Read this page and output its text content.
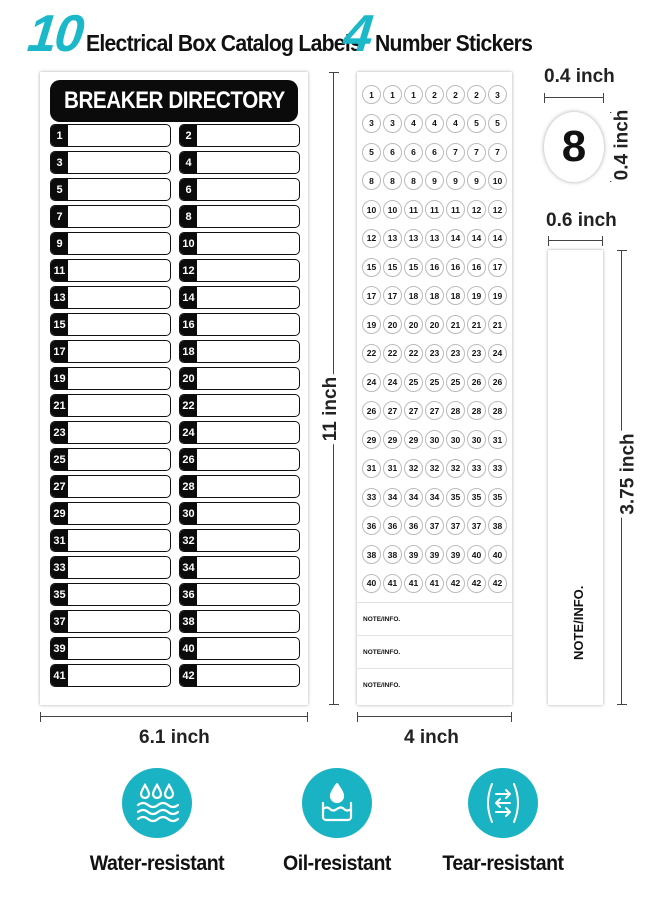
10 Electrical Box Catalog Labels
4 Number Stickers
BREAKER DIRECTORY
1	2
3	4
5	6
7	8
9	10
11	12
13	14
15	16
17	18
19	20
21	22
23	24
25	26
27	28
29	30
31	32
33	34
35	36
37	38
39	40
41	42
6.1 inch
11 inch
1	1	1	2	2	2	3
3	3	4	4	4	5	5
5	6	6	6	7	7	7
8	8	8	9	9	9	10
10	10	11	11	11	12	12
12	13	13	13	14	14	14
15	15	15	16	16	16	17
17	17	18	18	18	19	19
19	20	20	20	21	21	21
22	22	22	23	23	23	24
24	24	25	25	25	26	26
26	27	27	27	28	28	28
29	29	29	30	30	30	31
31	31	32	32	32	33	33
33	34	34	34	35	35	35
36	36	36	37	37	37	38
38	38	39	39	39	40	40
40	41	41	41	42	42	42
NOTE/INFO.
NOTE/INFO.
NOTE/INFO.
4 inch
0.4 inch
8	0.4 inch
0.6 inch
NOTE/INFO.
3.75 inch
Water-resistant	Oil-resistant	Tear-resistant
